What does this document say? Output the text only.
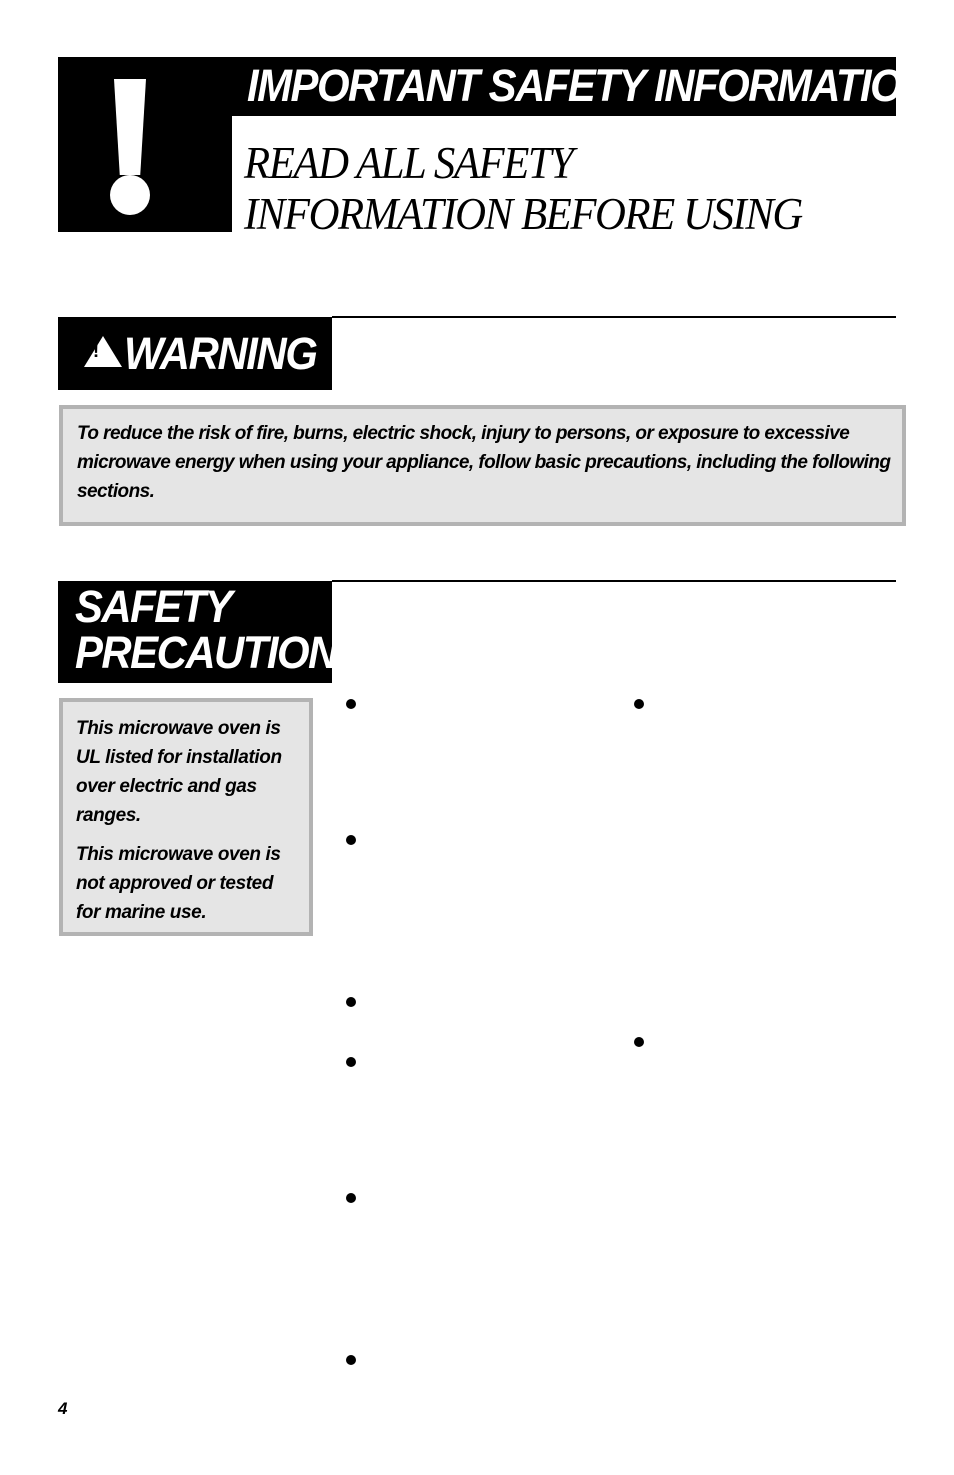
IMPORTANT SAFETY INFORMATION
READ ALL SAFETY
INFORMATION BEFORE USING
! WARNING
To reduce the risk of fire, burns, electric shock, injury to persons, or exposure to excessive microwave energy when using your appliance, follow basic precautions, including the following sections.
SAFETY
PRECAUTIONS

This microwave oven is UL listed for installation over electric and gas ranges.

This microwave oven is not approved or tested for marine use.

4
